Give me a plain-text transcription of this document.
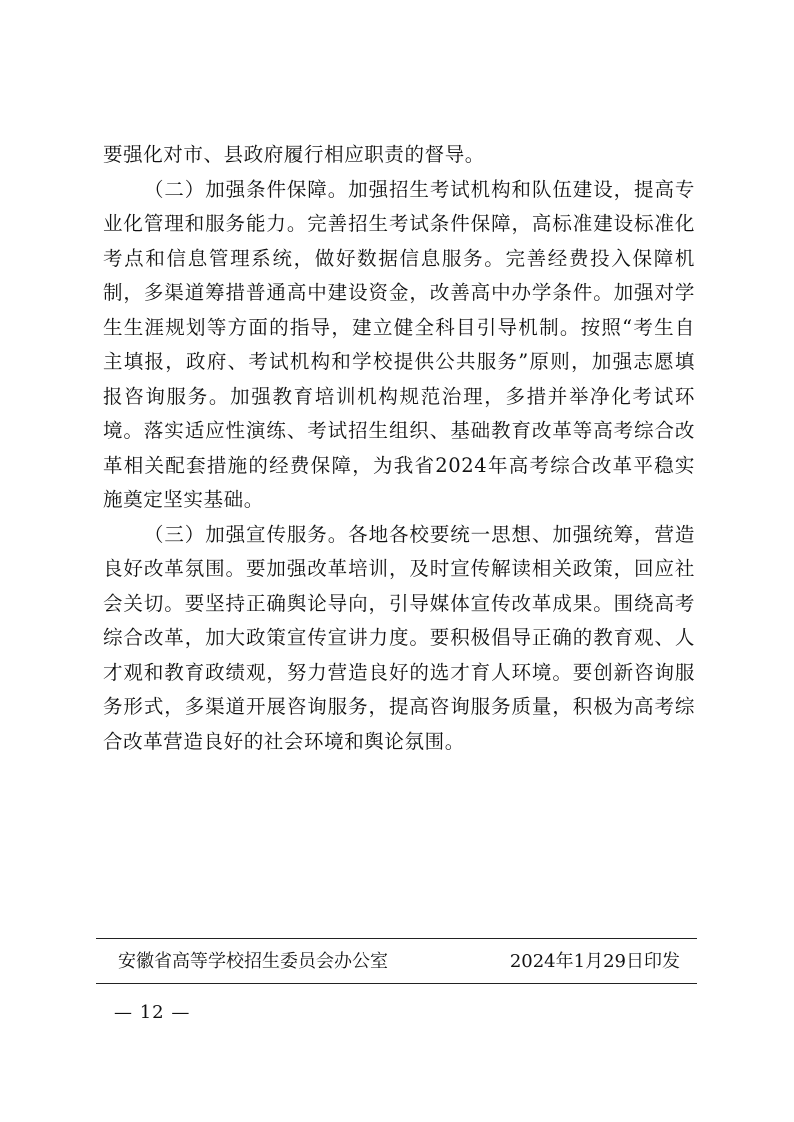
要强化对市、县政府履行相应职责的督导。

（二）加强条件保障。加强招生考试机构和队伍建设，提高专业化管理和服务能力。完善招生考试条件保障，高标准建设标准化考点和信息管理系统，做好数据信息服务。完善经费投入保障机制，多渠道筹措普通高中建设资金，改善高中办学条件。加强对学生生涯规划等方面的指导，建立健全科目引导机制。按照“考生自主填报，政府、考试机构和学校提供公共服务”原则，加强志愿填报咨询服务。加强教育培训机构规范治理，多措并举净化考试环境。落实适应性演练、考试招生组织、基础教育改革等高考综合改革相关配套措施的经费保障，为我省2024年高考综合改革平稳实施奠定坚实基础。

（三）加强宣传服务。各地各校要统一思想、加强统筹，营造良好改革氛围。要加强改革培训，及时宣传解读相关政策，回应社会关切。要坚持正确舆论导向，引导媒体宣传改革成果。围绕高考综合改革，加大政策宣传宣讲力度。要积极倡导正确的教育观、人才观和教育政绩观，努力营造良好的选才育人环境。要创新咨询服务形式，多渠道开展咨询服务，提高咨询服务质量，积极为高考综合改革营造良好的社会环境和舆论氛围。

安徽省高等学校招生委员会办公室	2024年1月29日印发
— 12 —
